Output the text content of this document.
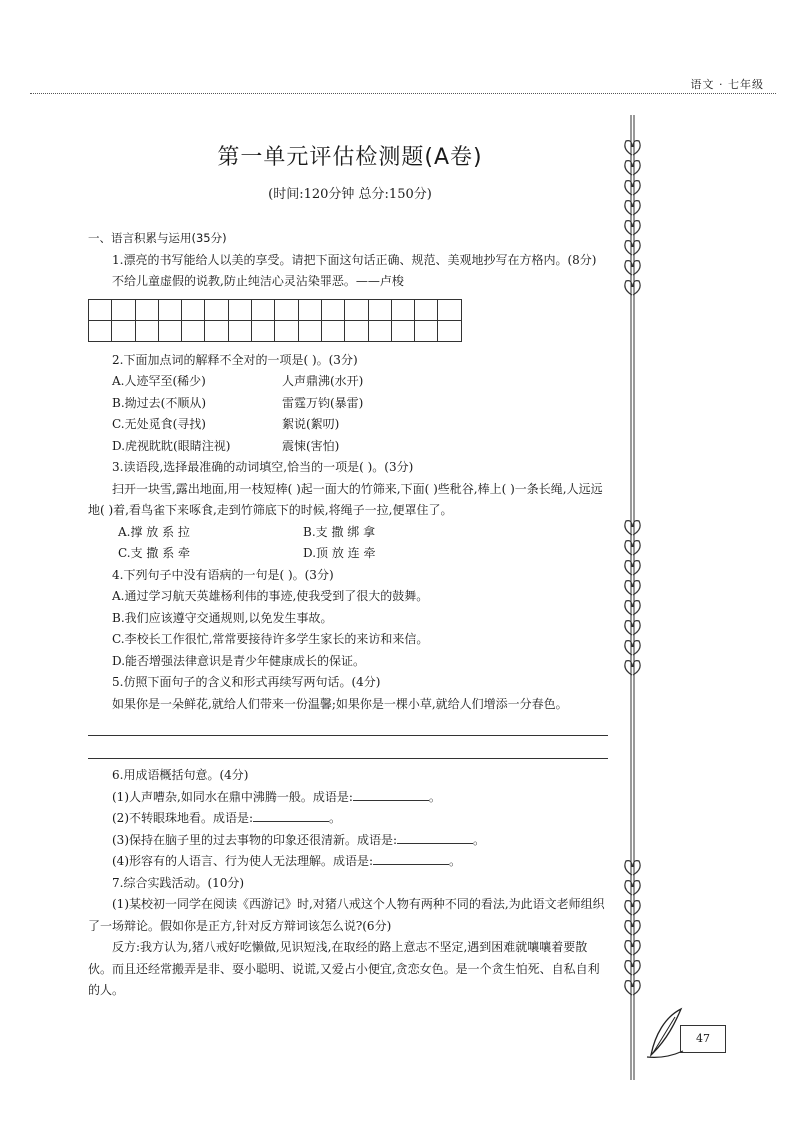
语文 · 七年级
第一单元评估检测题(A卷)
(时间:120分钟 总分:150分)

一、语言积累与运用(35分)

1.漂亮的书写能给人以美的享受。请把下面这句话正确、规范、美观地抄写在方格内。(8分)

不给儿童虚假的说教,防止纯洁心灵沾染罪恶。——卢梭

2.下面加点词的解释不全对的一项是( )。(3分)

A.人迹罕至(稀少)	人声鼎沸(水开)
B.拗过去(不顺从)	雷霆万钧(暴雷)
C.无处觅食(寻找)	絮说(絮叨)
D.虎视眈眈(眼睛注视)	震悚(害怕)

3.读语段,选择最准确的动词填空,恰当的一项是( )。(3分)

扫开一块雪,露出地面,用一枝短棒( )起一面大的竹筛来,下面( )些秕谷,棒上( )一条长绳,人远远地( )着,看鸟雀下来啄食,走到竹筛底下的时候,将绳子一拉,便罩住了。

A.撑 放 系 拉	B.支 撒 绑 拿
C.支 撒 系 牵	D.顶 放 连 牵

4.下列句子中没有语病的一句是( )。(3分)

A.通过学习航天英雄杨利伟的事迹,使我受到了很大的鼓舞。

B.我们应该遵守交通规则,以免发生事故。

C.李校长工作很忙,常常要接待许多学生家长的来访和来信。

D.能否增强法律意识是青少年健康成长的保证。

5.仿照下面句子的含义和形式再续写两句话。(4分)

如果你是一朵鲜花,就给人们带来一份温馨;如果你是一棵小草,就给人们增添一分春色。

6.用成语概括句意。(4分)

(1)人声嘈杂,如同水在鼎中沸腾一般。成语是:	。

(2)不转眼珠地看。成语是:	。

(3)保持在脑子里的过去事物的印象还很清新。成语是:	。

(4)形容有的人语言、行为使人无法理解。成语是:	。

7.综合实践活动。(10分)

(1)某校初一同学在阅读《西游记》时,对猪八戒这个人物有两种不同的看法,为此语文老师组织了一场辩论。假如你是正方,针对反方辩词该怎么说?(6分)

反方:我方认为,猪八戒好吃懒做,见识短浅,在取经的路上意志不坚定,遇到困难就嚷嚷着要散伙。而且还经常搬弄是非、耍小聪明、说谎,又爱占小便宜,贪恋女色。是一个贪生怕死、自私自利的人。

47
